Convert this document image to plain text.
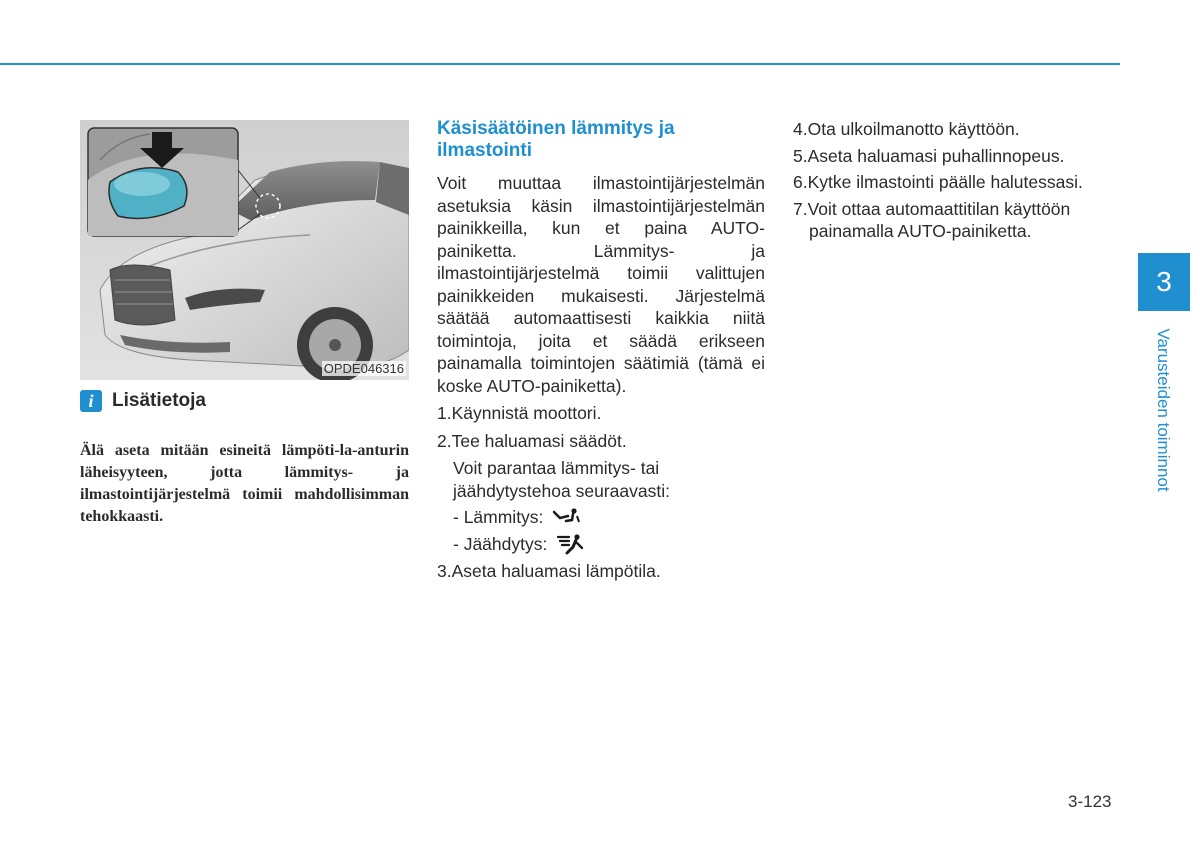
OPDE046316
i Lisätietoja

Älä aseta mitään esineitä lämpöti-la-anturin läheisyyteen, jotta lämmitys- ja ilmastointijärjestelmä toimii mahdollisimman tehokkaasti.

Käsisäätöinen lämmitys ja ilmastointi

Voit muuttaa ilmastointijärjestelmän asetuksia käsin ilmastointijärjestelmän painikkeilla, kun et paina AUTO-painiketta. Lämmitys- ja ilmastointijärjestelmä toimii valittujen painikkeiden mukaisesti. Järjestelmä säätää automaattisesti kaikkia niitä toimintoja, joita et säädä erikseen painamalla toimintojen säätimiä (tämä ei koske AUTO-painiketta).

1.Käynnistä moottori.

2.Tee haluamasi säädöt.

Voit parantaa lämmitys- tai jäähdytystehoa seuraavasti:

- Lämmitys:
- Jäähdytys:

3.Aseta haluamasi lämpötila.

4.Ota ulkoilmanotto käyttöön.

5.Aseta haluamasi puhallinnopeus.

6.Kytke ilmastointi päälle halutessasi.

7.Voit ottaa automaattitilan käyttöön

painamalla AUTO-painiketta.

3
Varusteiden toiminnot
3-123
